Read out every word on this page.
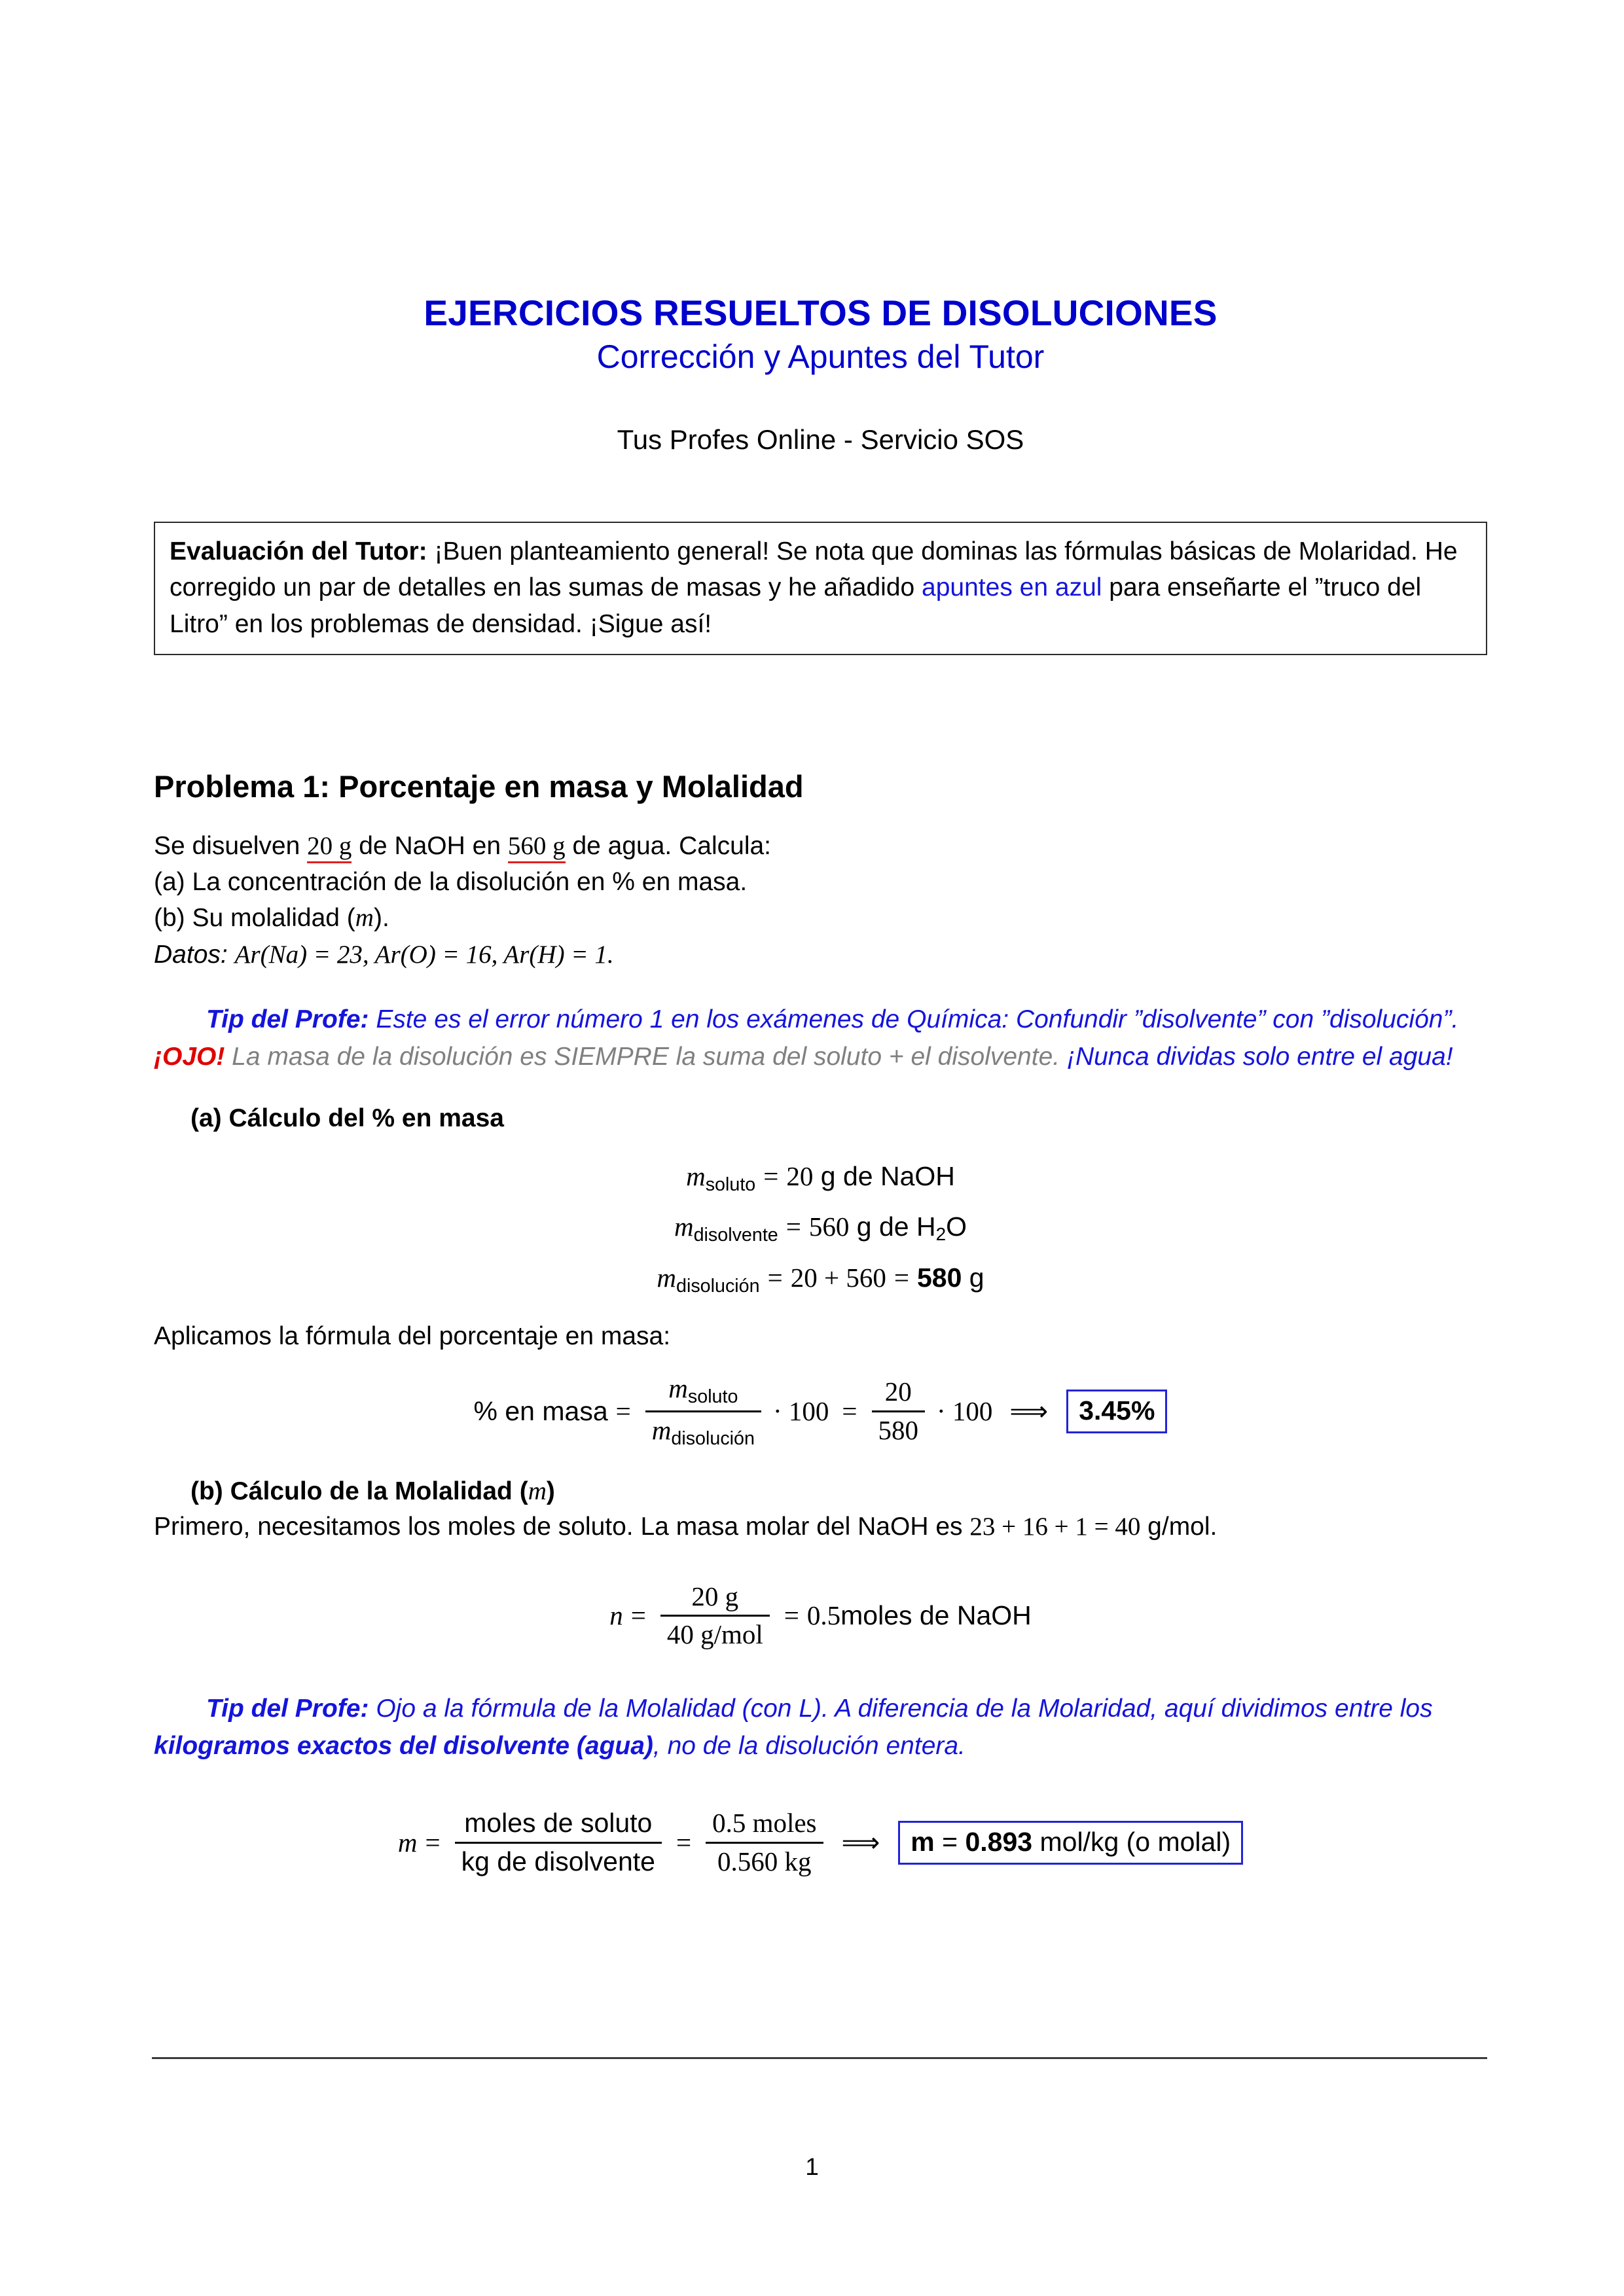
EJERCICIOS RESUELTOS DE DISOLUCIONES
Corrección y Apuntes del Tutor
Tus Profes Online - Servicio SOS
Evaluación del Tutor: ¡Buen planteamiento general! Se nota que dominas las fórmulas básicas de Molaridad. He corregido un par de detalles en las sumas de masas y he añadido apuntes en azul para enseñarte el ”truco del Litro” en los problemas de densidad. ¡Sigue así!
Problema 1: Porcentaje en masa y Molalidad
Se disuelven 20 g de NaOH en 560 g de agua. Calcula:
(a) La concentración de la disolución en % en masa.
(b) Su molalidad (m).
Datos: Ar(Na) = 23, Ar(O) = 16, Ar(H) = 1.
  Tip del Profe: Este es el error número 1 en los exámenes de Química: Confundir ”disolvente” con ”disolución”. ¡OJO! La masa de la disolución es SIEMPRE la suma del soluto + el disolvente. ¡Nunca dividas solo entre el agua!
(a) Cálculo del % en masa
$m_{soluto} = 20$ g de NaOH
$m_{disolvente} = 560$ g de H2O
$m_{disolución} = 20 + 560 = 580$ g
Aplicamos la fórmula del porcentaje en masa:
% en masa = $\frac{m_{soluto}}{m_{disolución}} \cdot 100 = \frac{20}{580} \cdot 100$ ⟹	3.45%
(b) Cálculo de la Molalidad (m)
Primero, necesitamos los moles de soluto. La masa molar del NaOH es 23 + 16 + 1 = 40 g/mol.
$n = \frac{20 g}{\text{40 g/mol}} = 0.5$ moles de NaOH
  Tip del Profe: Ojo a la fórmula de la Molalidad (con L). A diferencia de la Molaridad, aquí dividimos entre los kilogramos exactos del disolvente (agua), no de la disolución entera.
$m = \frac{\text{moles de soluto}}{\text{kg de disolvente}} = \frac{\text{0.5 moles}}{0.560 kg}$ ⟹	m = 0.893 mol/kg (o molal)
1
